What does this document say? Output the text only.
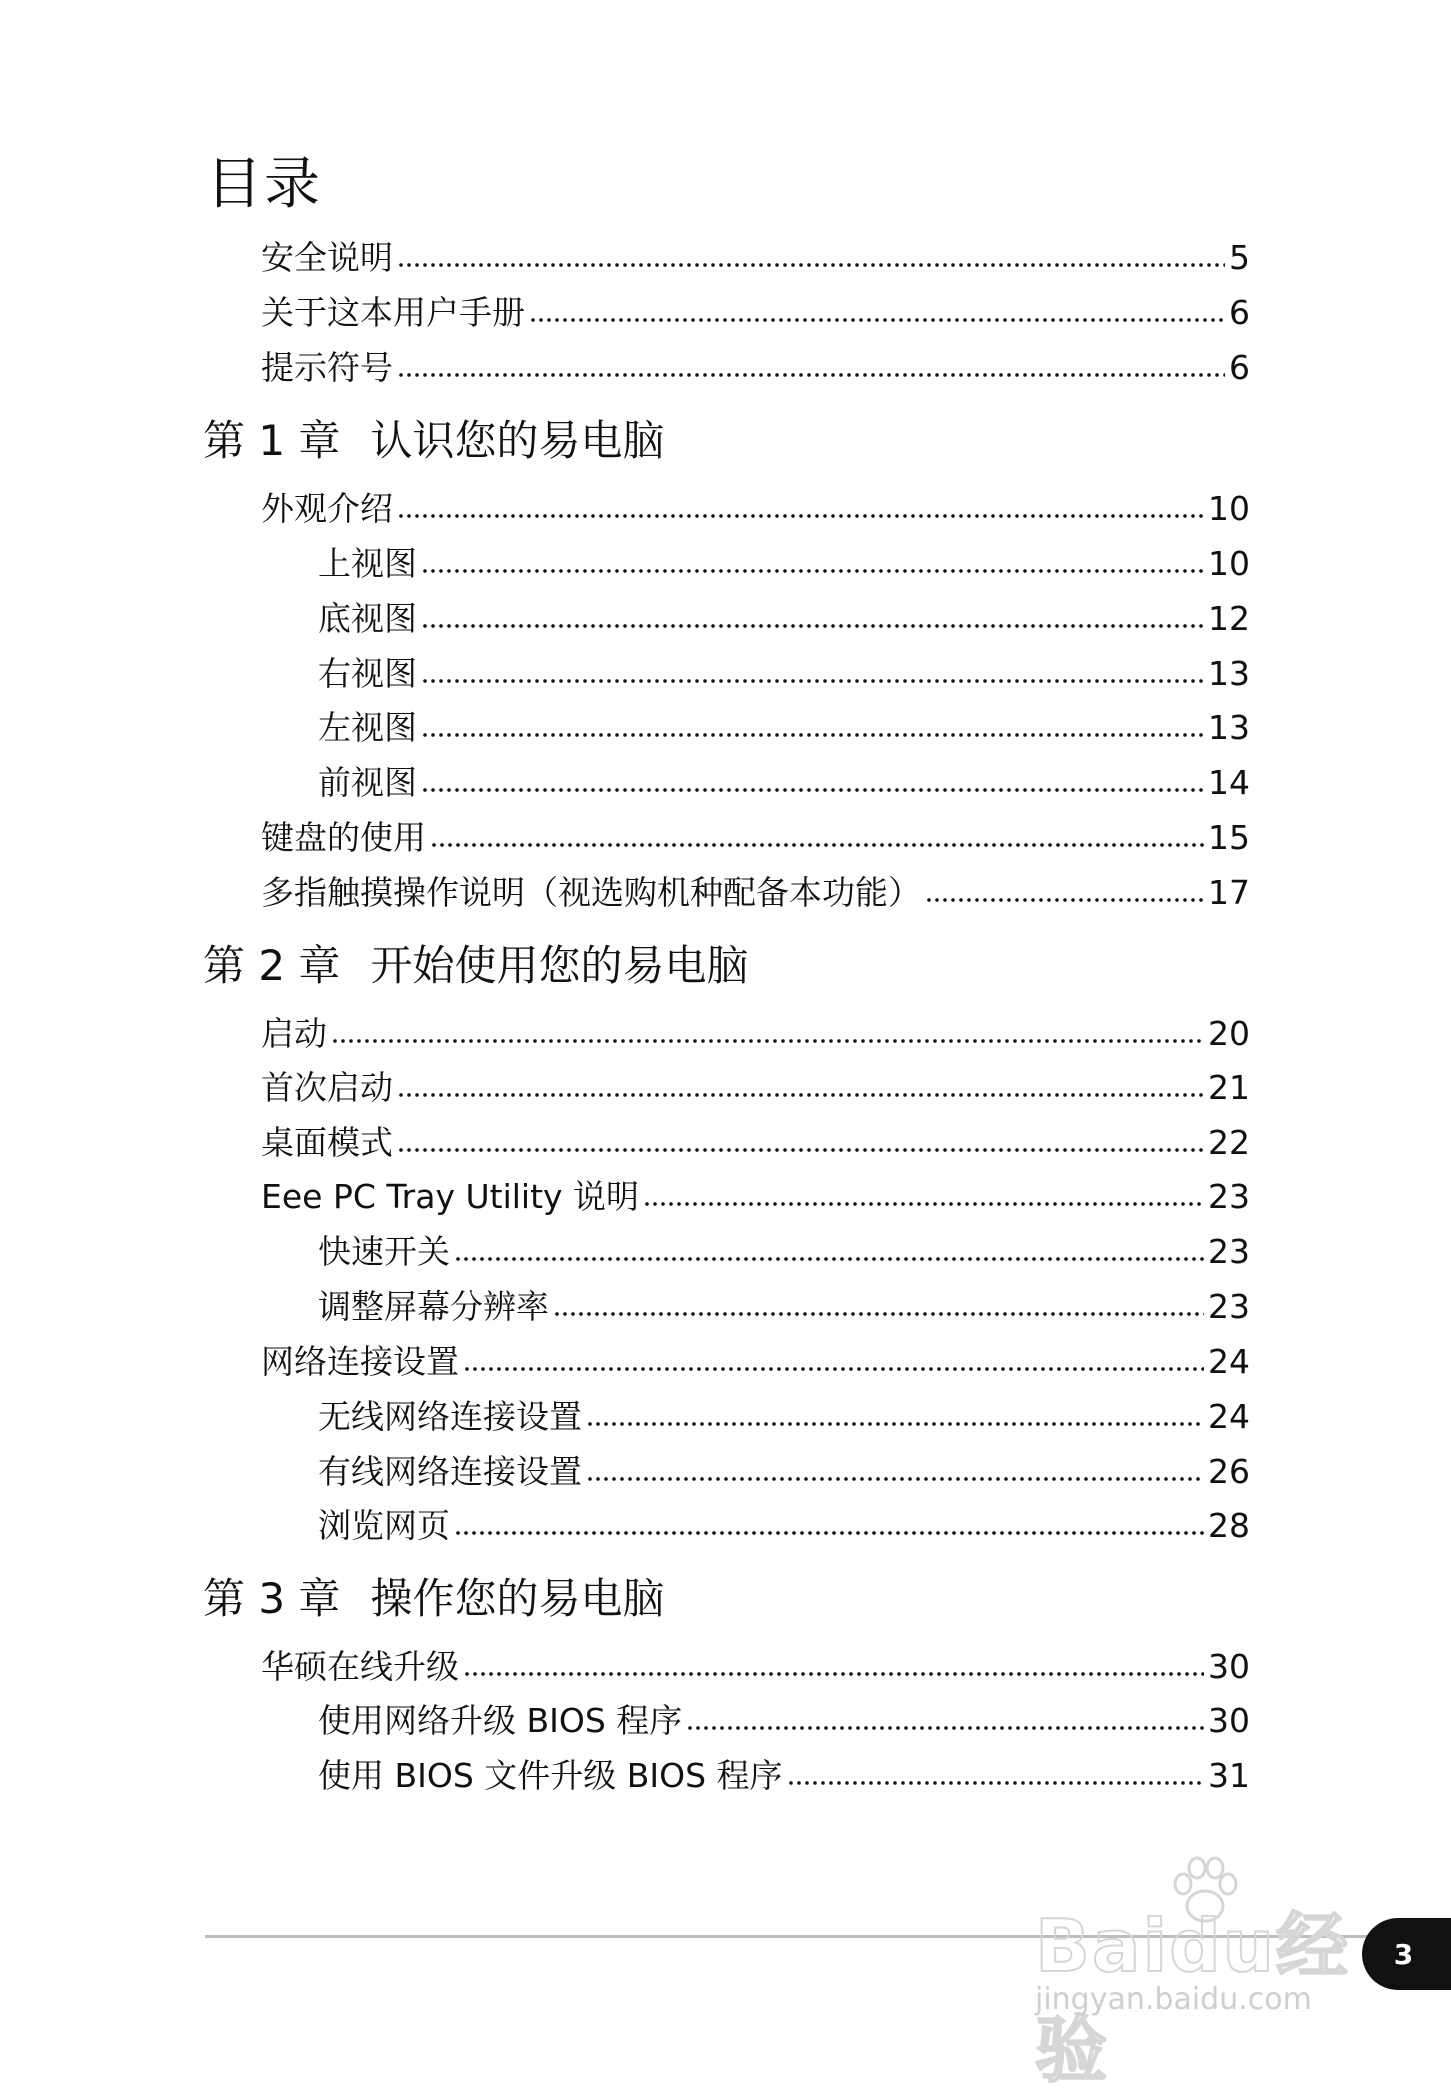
目录
安全说明	5
关于这本用户手册	6
提示符号	6
第 1 章 认识您的易电脑
外观介绍	10
上视图	10
底视图	12
右视图	13
左视图	13
前视图	14
键盘的使用	15
多指触摸操作说明（视选购机种配备本功能）	17
第 2 章 开始使用您的易电脑
启动	20
首次启动	21
桌面模式	22
Eee PC Tray Utility 说明	23
快速开关	23
调整屏幕分辨率	23
网络连接设置	24
无线网络连接设置	24
有线网络连接设置	26
浏览网页	28
第 3 章 操作您的易电脑
华硕在线升级	30
使用网络升级 BIOS 程序	30
使用 BIOS 文件升级 BIOS 程序	31
Baidu经验
jingyan.baidu.com
3
